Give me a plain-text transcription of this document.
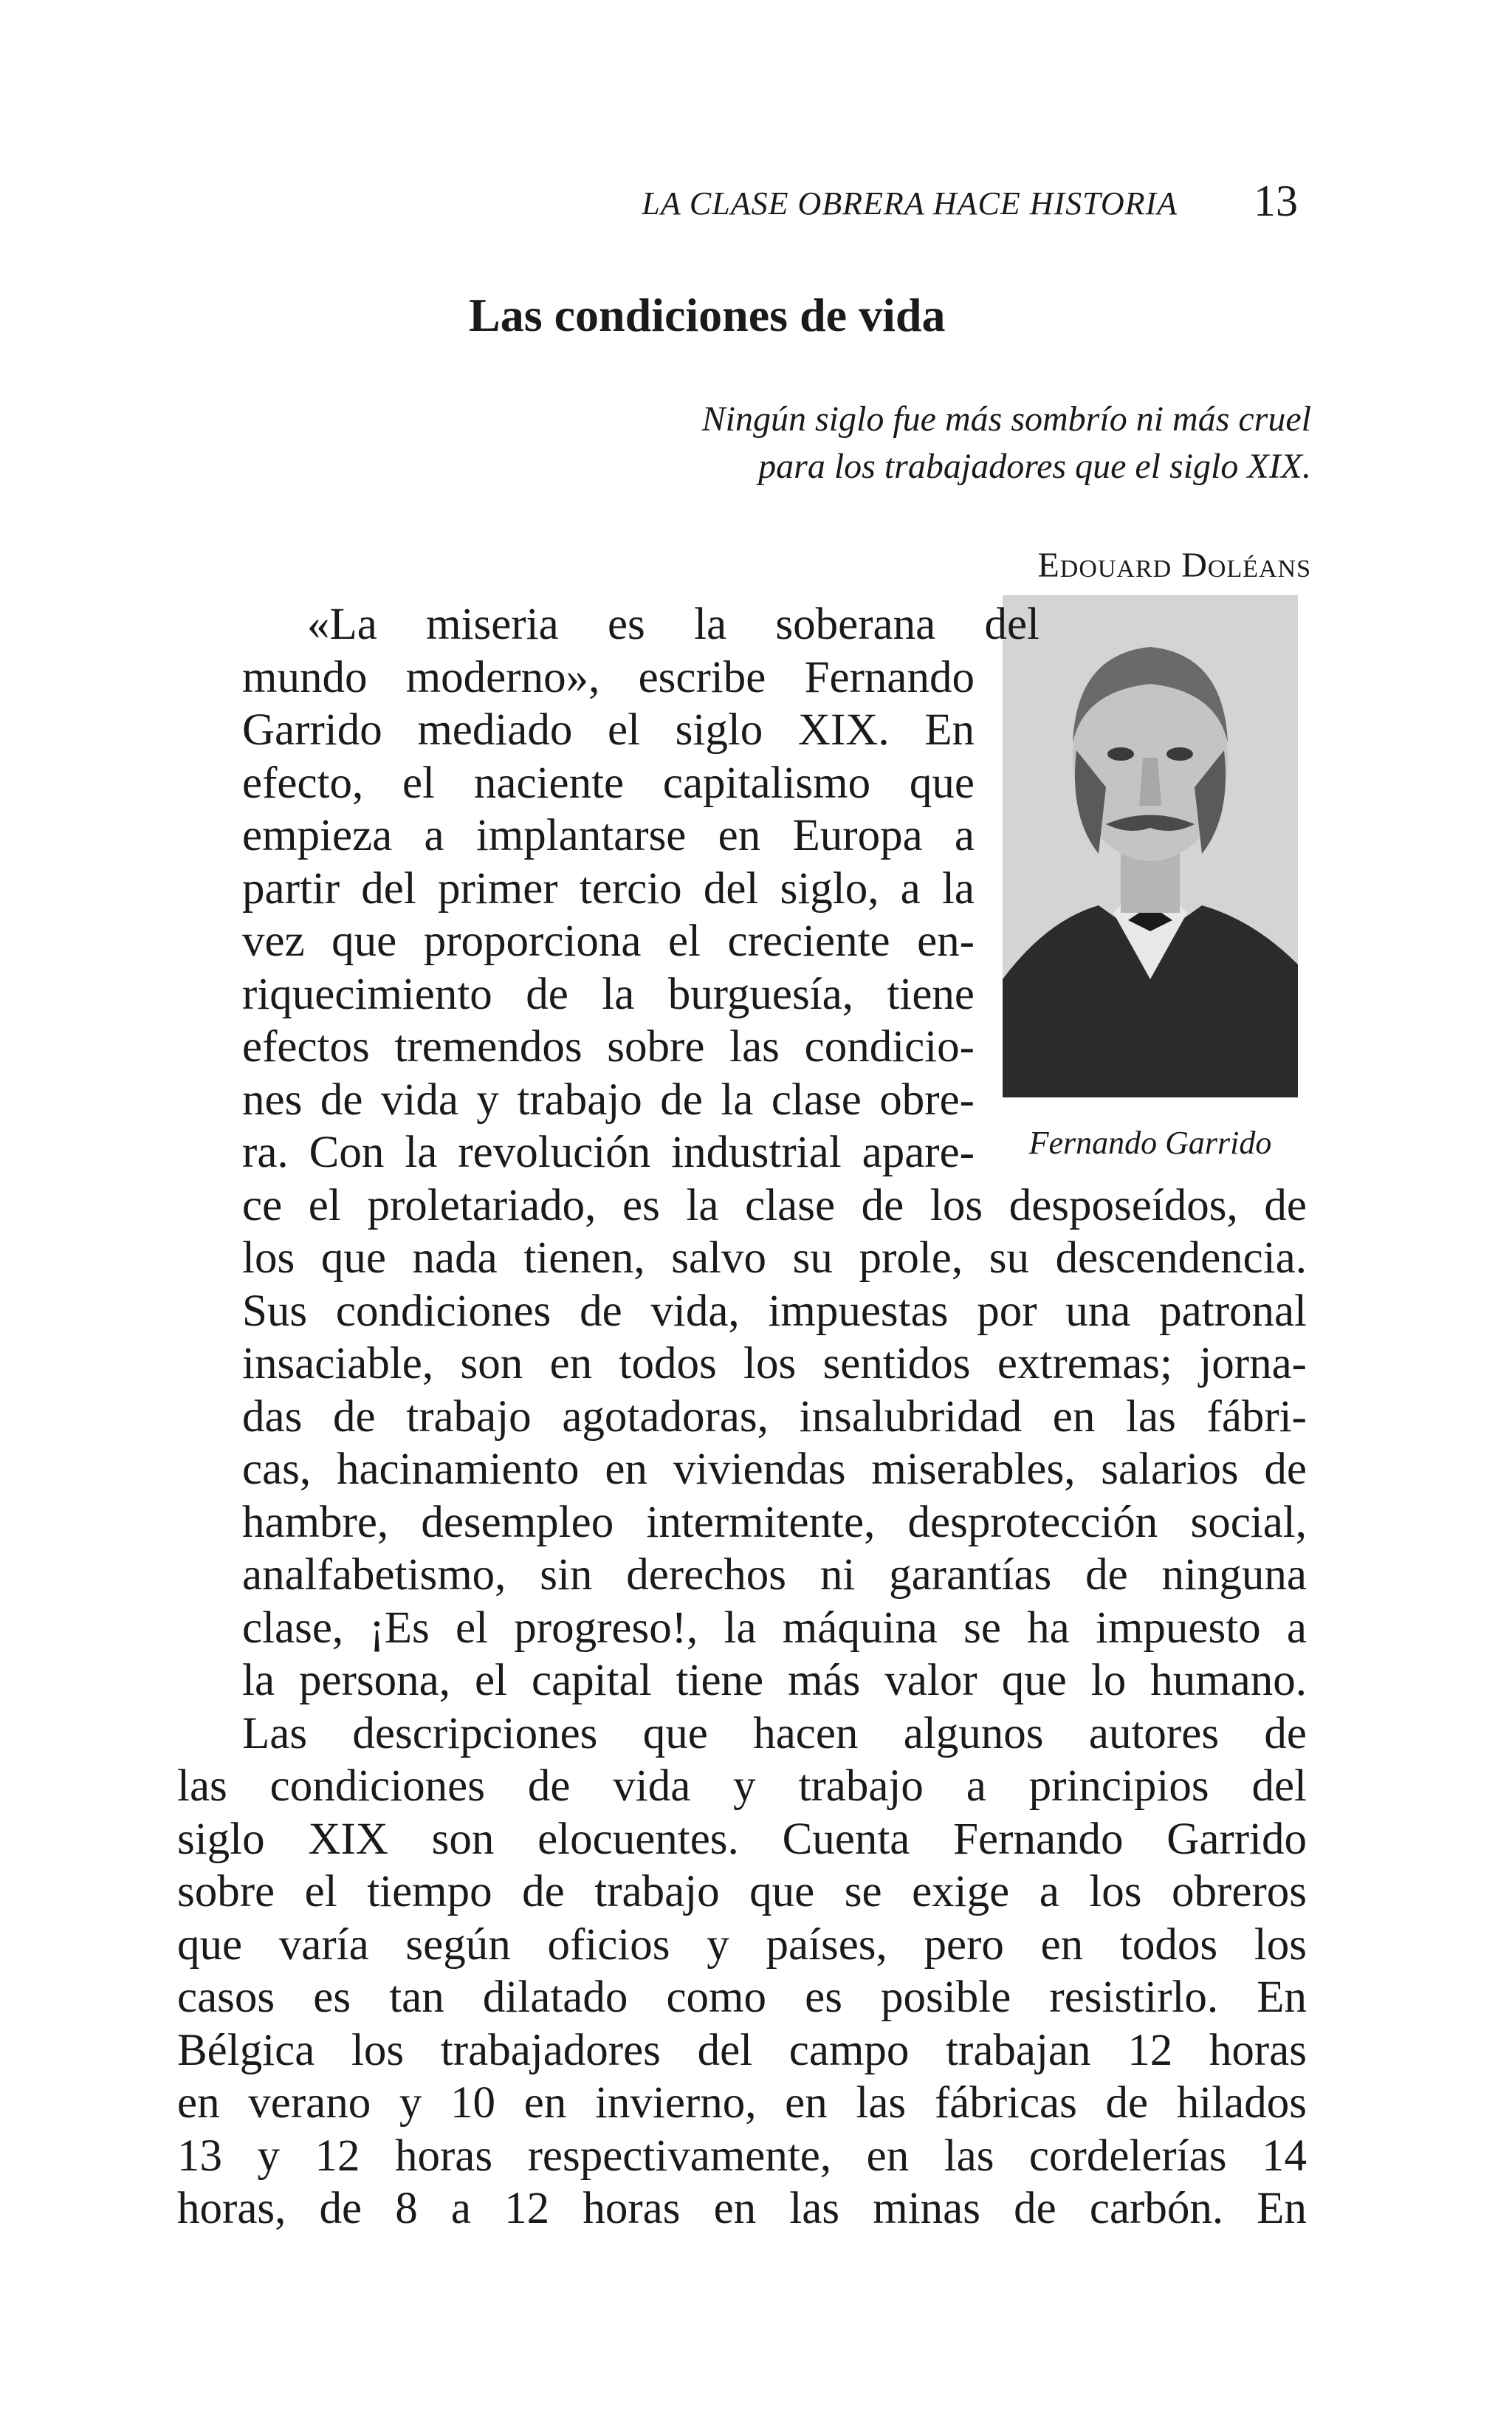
LA CLASE OBRERA HACE HISTORIA 13
Las condiciones de vida
Ningún siglo fue más sombrío ni más cruel
para los trabajadores que el siglo XIX.
Edouard Doléans
Fernando Garrido
«La miseria es la soberana del
mundo moderno», escribe Fernando
Garrido mediado el siglo XIX. En
efecto, el naciente capitalismo que
empieza a implantarse en Europa a
partir del primer tercio del siglo, a la
vez que proporciona el creciente en-
riquecimiento de la burguesía, tiene
efectos tremendos sobre las condicio-
nes de vida y trabajo de la clase obre-
ra. Con la revolución industrial apare-
ce el proletariado, es la clase de los desposeídos, de
los que nada tienen, salvo su prole, su descendencia.
Sus condiciones de vida, impuestas por una patronal
insaciable, son en todos los sentidos extremas; jorna-
das de trabajo agotadoras, insalubridad en las fábri-
cas, hacinamiento en viviendas miserables, salarios de
hambre, desempleo intermitente, desprotección social,
analfabetismo, sin derechos ni garantías de ninguna
clase, ¡Es el progreso!, la máquina se ha impuesto a
la persona, el capital tiene más valor que lo humano.
Las descripciones que hacen algunos autores de
las condiciones de vida y trabajo a principios del
siglo XIX son elocuentes. Cuenta Fernando Garrido
sobre el tiempo de trabajo que se exige a los obreros
que varía según oficios y países, pero en todos los
casos es tan dilatado como es posible resistirlo. En
Bélgica los trabajadores del campo trabajan 12 horas
en verano y 10 en invierno, en las fábricas de hilados
13 y 12 horas respectivamente, en las cordelerías 14
horas, de 8 a 12 horas en las minas de carbón. En
